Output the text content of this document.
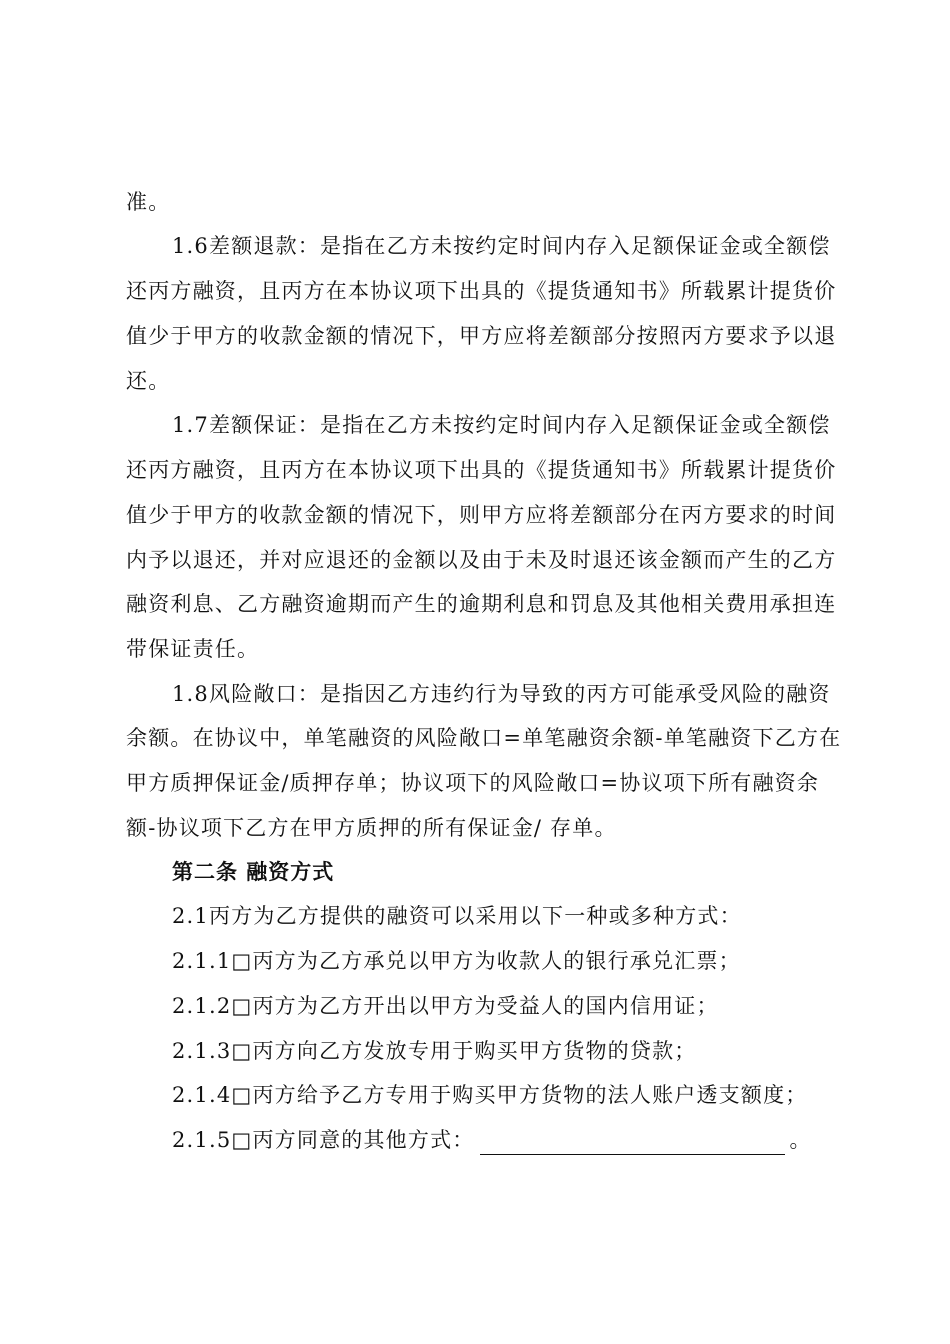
准。
1.6差额退款：是指在乙方未按约定时间内存入足额保证金或全额偿
还丙方融资，且丙方在本协议项下出具的《提货通知书》所载累计提货价
值少于甲方的收款金额的情况下，甲方应将差额部分按照丙方要求予以退
还。
1.7差额保证：是指在乙方未按约定时间内存入足额保证金或全额偿
还丙方融资，且丙方在本协议项下出具的《提货通知书》所载累计提货价
值少于甲方的收款金额的情况下，则甲方应将差额部分在丙方要求的时间
内予以退还，并对应退还的金额以及由于未及时退还该金额而产生的乙方
融资利息、乙方融资逾期而产生的逾期利息和罚息及其他相关费用承担连
带保证责任。
1.8风险敞口：是指因乙方违约行为导致的丙方可能承受风险的融资
余额。在协议中，单笔融资的风险敞口=单笔融资余额-单笔融资下乙方在
甲方质押保证金/质押存单；协议项下的风险敞口=协议项下所有融资余
额-协议项下乙方在甲方质押的所有保证金/ 存单。
第二条 融资方式
2.1丙方为乙方提供的融资可以采用以下一种或多种方式：
2.1.1□丙方为乙方承兑以甲方为收款人的银行承兑汇票；
2.1.2□丙方为乙方开出以甲方为受益人的国内信用证；
2.1.3□丙方向乙方发放专用于购买甲方货物的贷款；
2.1.4□丙方给予乙方专用于购买甲方货物的法人账户透支额度；
2.1.5□丙方同意的其他方式：	。
